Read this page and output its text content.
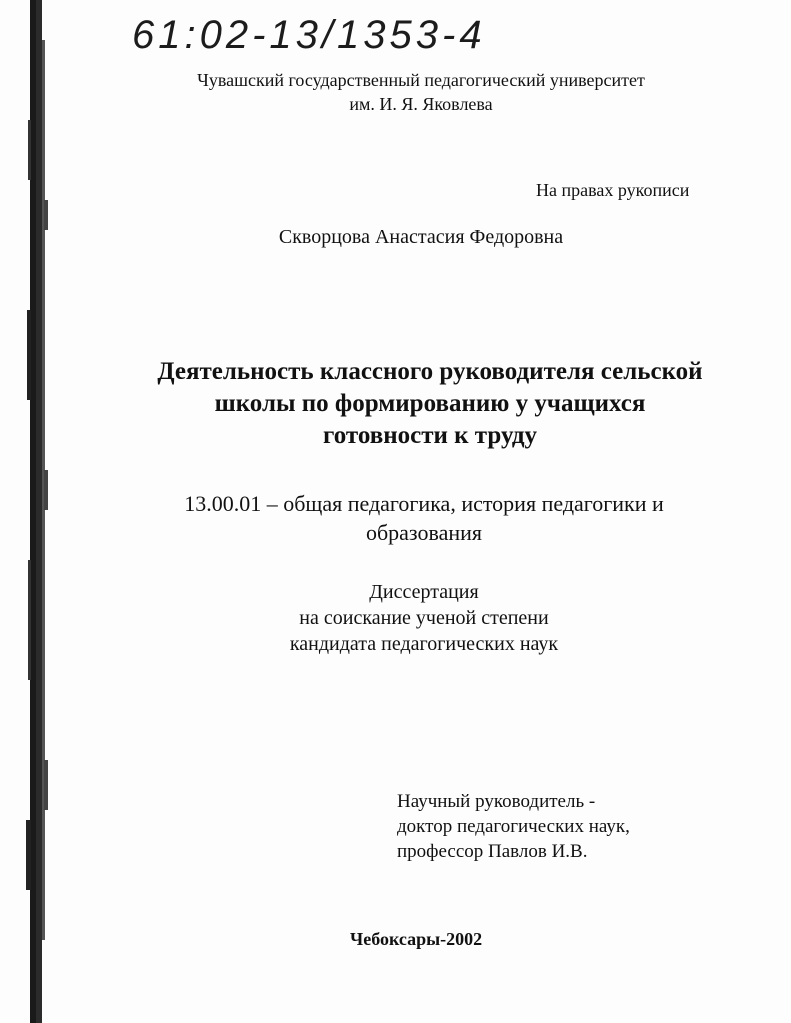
61:02-13/1353-4
Чувашский государственный педагогический университет
им. И. Я. Яковлева
На правах рукописи
Скворцова Анастасия Федоровна
Деятельность классного руководителя сельской
школы по формированию у учащихся
готовности к труду
13.00.01 – общая педагогика, история педагогики и
образования
Диссертация
на соискание ученой степени
кандидата педагогических наук
Научный руководитель -
доктор педагогических наук,
профессор Павлов И.В.
Чебоксары-2002
